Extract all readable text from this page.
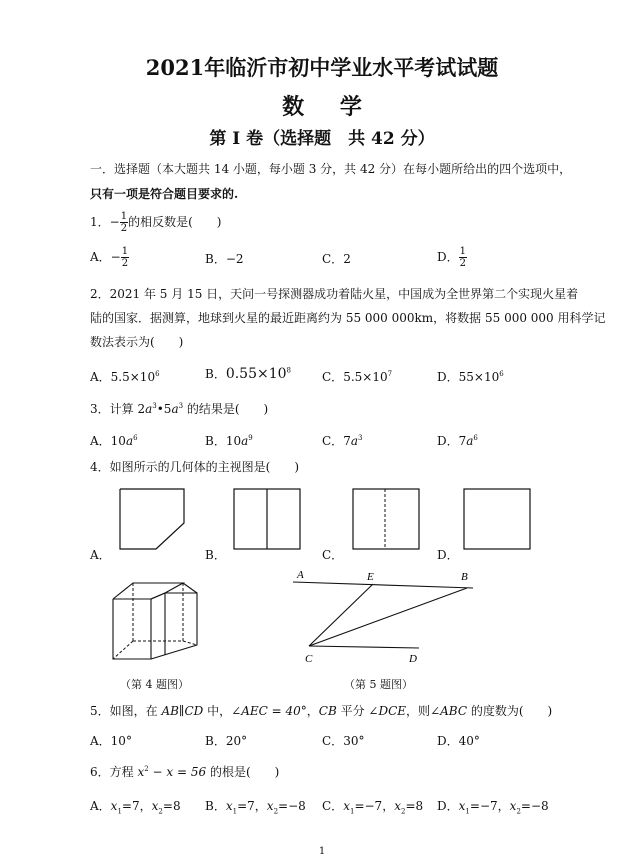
2021年临沂市初中学业水平考试试题
数 学
第 I 卷（选择题　共 42 分）
一．选择题（本大题共 14 小题，每小题 3 分，共 42 分）在每小题所给出的四个选项中，
只有一项是符合题目要求的.
1．− $\frac{1}{2}$ 的相反数是(　　)
A．− $\frac{1}{2}$	B．−2	C．2	D． $\frac{1}{2}$
2．2021 年 5 月 15 日，天问一号探测器成功着陆火星，中国成为全世界第二个实现火星着
陆的国家．据测算，地球到火星的最近距离约为 55 000 000km，将数据 55 000 000 用科学记
数法表示为(　　)
A．$5.5\times 10^6$	B．$0.55\times 10^8$	C．$5.5\times 10^7$	D．$55\times 10^6$
3．计算 $2a^3•5a^3$ 的结果是(　　)
A．$10a^6$	B．$10a^9$	C．$7a^3$	D．$7a^6$
4．如图所示的几何体的主视图是(　　)
A．	B．	C．	D．
（第 4 题图）
A	E	B
C	D
（第 5 题图）
5．如图，在 AB∥CD 中，∠AEC = 40°，CB 平分 ∠DCE，则∠ABC 的度数为(　　)
A．10°	B．20°	C．30°	D．40°
6．方程 $x^2 - x = 56$ 的根是(　　)
A．$x_1=7$，$x_2=8$ B．$x_1=7$，$x_2=-8$ C．$x_1=-7$，$x_2=8$ D．$x_1=-7$，$x_2=-8$
1
